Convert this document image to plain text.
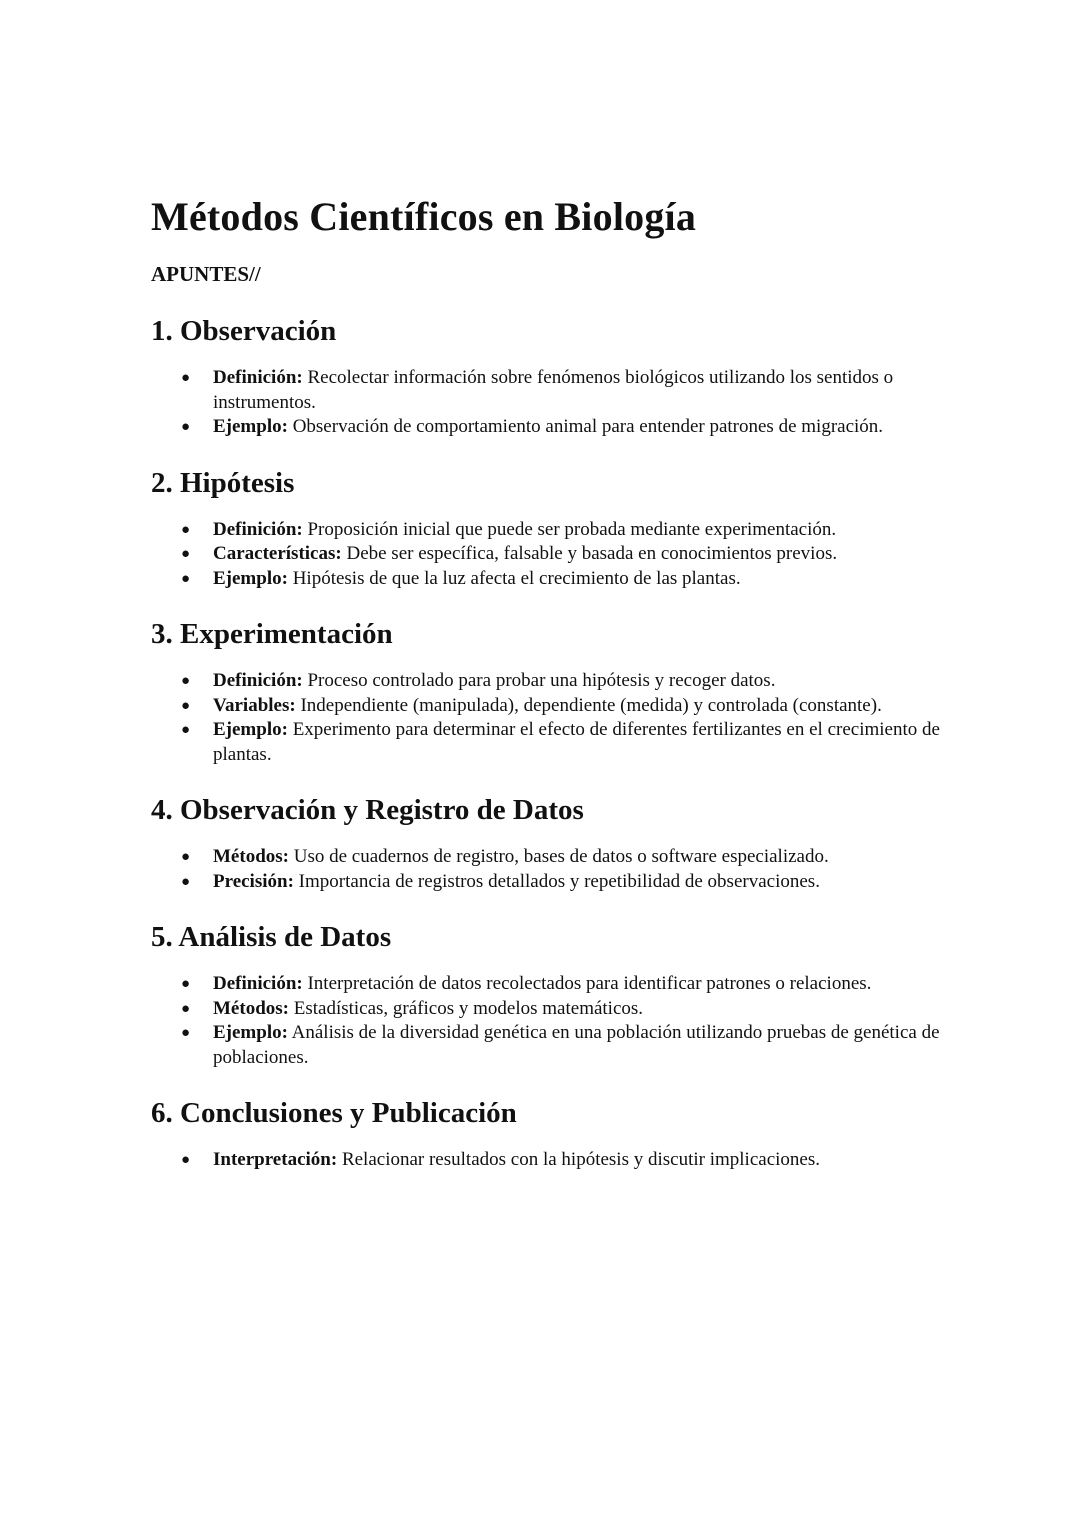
Métodos Científicos en Biología
APUNTES//
1. Observación
● Definición: Recolectar información sobre fenómenos biológicos utilizando los sentidos o instrumentos.
● Ejemplo: Observación de comportamiento animal para entender patrones de migración.
2. Hipótesis
● Definición: Proposición inicial que puede ser probada mediante experimentación.
● Características: Debe ser específica, falsable y basada en conocimientos previos.
● Ejemplo: Hipótesis de que la luz afecta el crecimiento de las plantas.
3. Experimentación
● Definición: Proceso controlado para probar una hipótesis y recoger datos.
● Variables: Independiente (manipulada), dependiente (medida) y controlada (constante).
● Ejemplo: Experimento para determinar el efecto de diferentes fertilizantes en el crecimiento de plantas.
4. Observación y Registro de Datos
● Métodos: Uso de cuadernos de registro, bases de datos o software especializado.
● Precisión: Importancia de registros detallados y repetibilidad de observaciones.
5. Análisis de Datos
● Definición: Interpretación de datos recolectados para identificar patrones o relaciones.
● Métodos: Estadísticas, gráficos y modelos matemáticos.
● Ejemplo: Análisis de la diversidad genética en una población utilizando pruebas de genética de poblaciones.
6. Conclusiones y Publicación
● Interpretación: Relacionar resultados con la hipótesis y discutir implicaciones.
